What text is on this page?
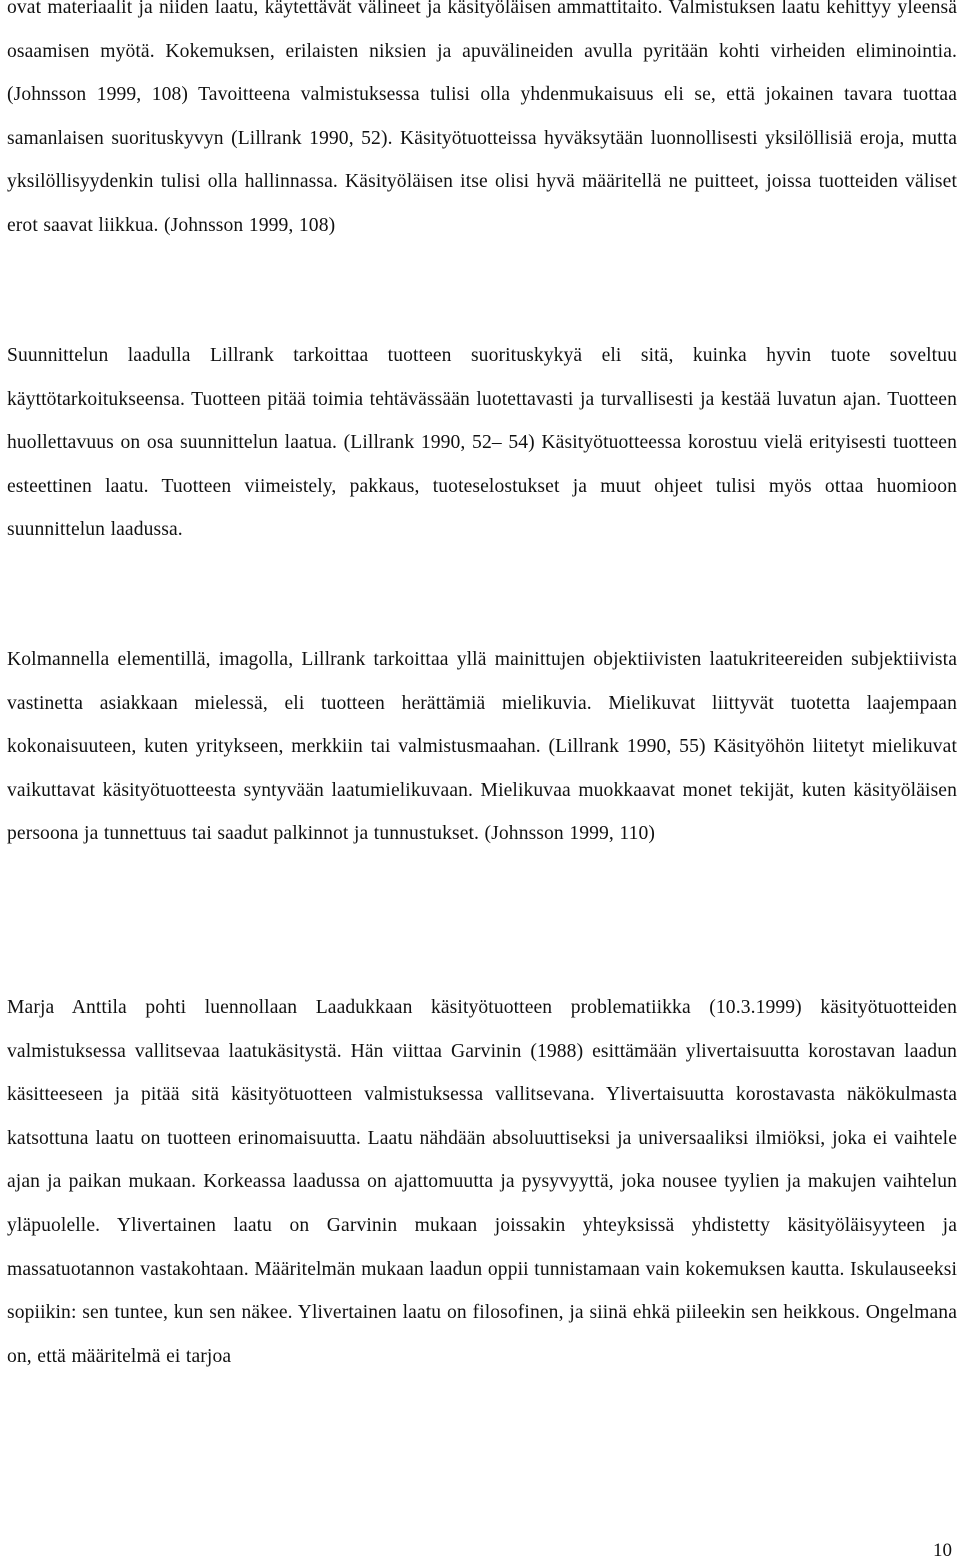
ovat materiaalit ja niiden laatu, käytettävät välineet ja käsityöläisen ammattitaito. Valmistuksen laatu kehittyy yleensä osaamisen myötä. Kokemuksen, erilaisten niksien ja apuvälineiden avulla pyritään kohti virheiden eliminointia. (Johnsson 1999, 108) Tavoitteena valmistuksessa tulisi olla yhdenmukaisuus eli se, että jokainen tavara tuottaa samanlaisen suorituskyvyn (Lillrank 1990, 52). Käsityötuotteissa hyväksytään luonnollisesti yksilöllisiä eroja, mutta yksilöllisyydenkin tulisi olla hallinnassa. Käsityöläisen itse olisi hyvä määritellä ne puitteet, joissa tuotteiden väliset erot saavat liikkua. (Johnsson 1999, 108)

Suunnittelun laadulla Lillrank tarkoittaa tuotteen suorituskykyä eli sitä, kuinka hyvin tuote soveltuu käyttötarkoitukseensa. Tuotteen pitää toimia tehtävässään luotettavasti ja turvallisesti ja kestää luvatun ajan. Tuotteen huollettavuus on osa suunnittelun laatua. (Lillrank 1990, 52– 54) Käsityötuotteessa korostuu vielä erityisesti tuotteen esteettinen laatu. Tuotteen viimeistely, pakkaus, tuoteselostukset ja muut ohjeet tulisi myös ottaa huomioon suunnittelun laadussa.

Kolmannella elementillä, imagolla, Lillrank tarkoittaa yllä mainittujen objektiivisten laatukriteereiden subjektiivista vastinetta asiakkaan mielessä, eli tuotteen herättämiä mielikuvia. Mielikuvat liittyvät tuotetta laajempaan kokonaisuuteen, kuten yritykseen, merkkiin tai valmistusmaahan. (Lillrank 1990, 55) Käsityöhön liitetyt mielikuvat vaikuttavat käsityötuotteesta syntyvään laatumielikuvaan. Mielikuvaa muokkaavat monet tekijät, kuten käsityöläisen persoona ja tunnettuus tai saadut palkinnot ja tunnustukset. (Johnsson 1999, 110)

Marja Anttila pohti luennollaan Laadukkaan käsityötuotteen problematiikka (10.3.1999) käsityötuotteiden valmistuksessa vallitsevaa laatukäsitystä. Hän viittaa Garvinin (1988) esittämään ylivertaisuutta korostavan laadun käsitteeseen ja pitää sitä käsityötuotteen valmistuksessa vallitsevana. Ylivertaisuutta korostavasta näkökulmasta katsottuna laatu on tuotteen erinomaisuutta. Laatu nähdään absoluuttiseksi ja universaaliksi ilmiöksi, joka ei vaihtele ajan ja paikan mukaan. Korkeassa laadussa on ajattomuutta ja pysyvyyttä, joka nousee tyylien ja makujen vaihtelun yläpuolelle. Ylivertainen laatu on Garvinin mukaan joissakin yhteyksissä yhdistetty käsityöläisyyteen ja massatuotannon vastakohtaan. Määritelmän mukaan laadun oppii tunnistamaan vain kokemuksen kautta. Iskulauseeksi sopiikin: sen tuntee, kun sen näkee. Ylivertainen laatu on filosofinen, ja siinä ehkä piileekin sen heikkous. Ongelmana on, että määritelmä ei tarjoa

10
